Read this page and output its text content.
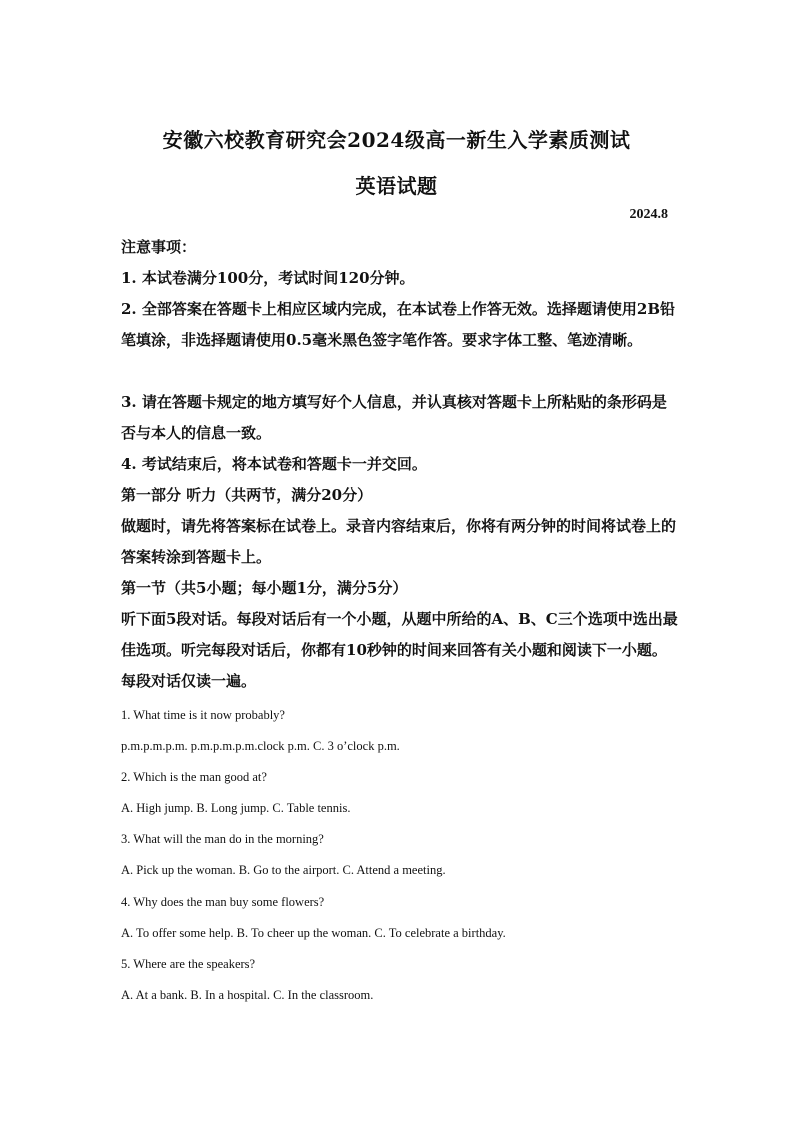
安徽六校教育研究会2024级高一新生入学素质测试
英语试题
2024.8
注意事项：
1. 本试卷满分100分，考试时间120分钟。
2. 全部答案在答题卡上相应区域内完成，在本试卷上作答无效。选择题请使用2B铅笔填涂，非选择题请使用0.5毫米黑色签字笔作答。要求字体工整、笔迹清晰。
3. 请在答题卡规定的地方填写好个人信息，并认真核对答题卡上所粘贴的条形码是否与本人的信息一致。
4. 考试结束后，将本试卷和答题卡一并交回。
第一部分 听力（共两节，满分20分）
做题时，请先将答案标在试卷上。录音内容结束后，你将有两分钟的时间将试卷上的答案转涂到答题卡上。
第一节（共5小题；每小题1分，满分5分）
听下面5段对话。每段对话后有一个小题，从题中所给的A、B、C三个选项中选出最佳选项。听完每段对话后，你都有10秒钟的时间来回答有关小题和阅读下一小题。每段对话仅读一遍。
1. What time is it now probably?
p.m.p.m.p.m. p.m.p.m.p.m.clock p.m. C. 3 o’clock p.m.
2. Which is the man good at?
A. High jump. B. Long jump. C. Table tennis.
3. What will the man do in the morning?
A. Pick up the woman. B. Go to the airport. C. Attend a meeting.
4. Why does the man buy some flowers?
A. To offer some help. B. To cheer up the woman. C. To celebrate a birthday.
5. Where are the speakers?
A. At a bank. B. In a hospital. C. In the classroom.
